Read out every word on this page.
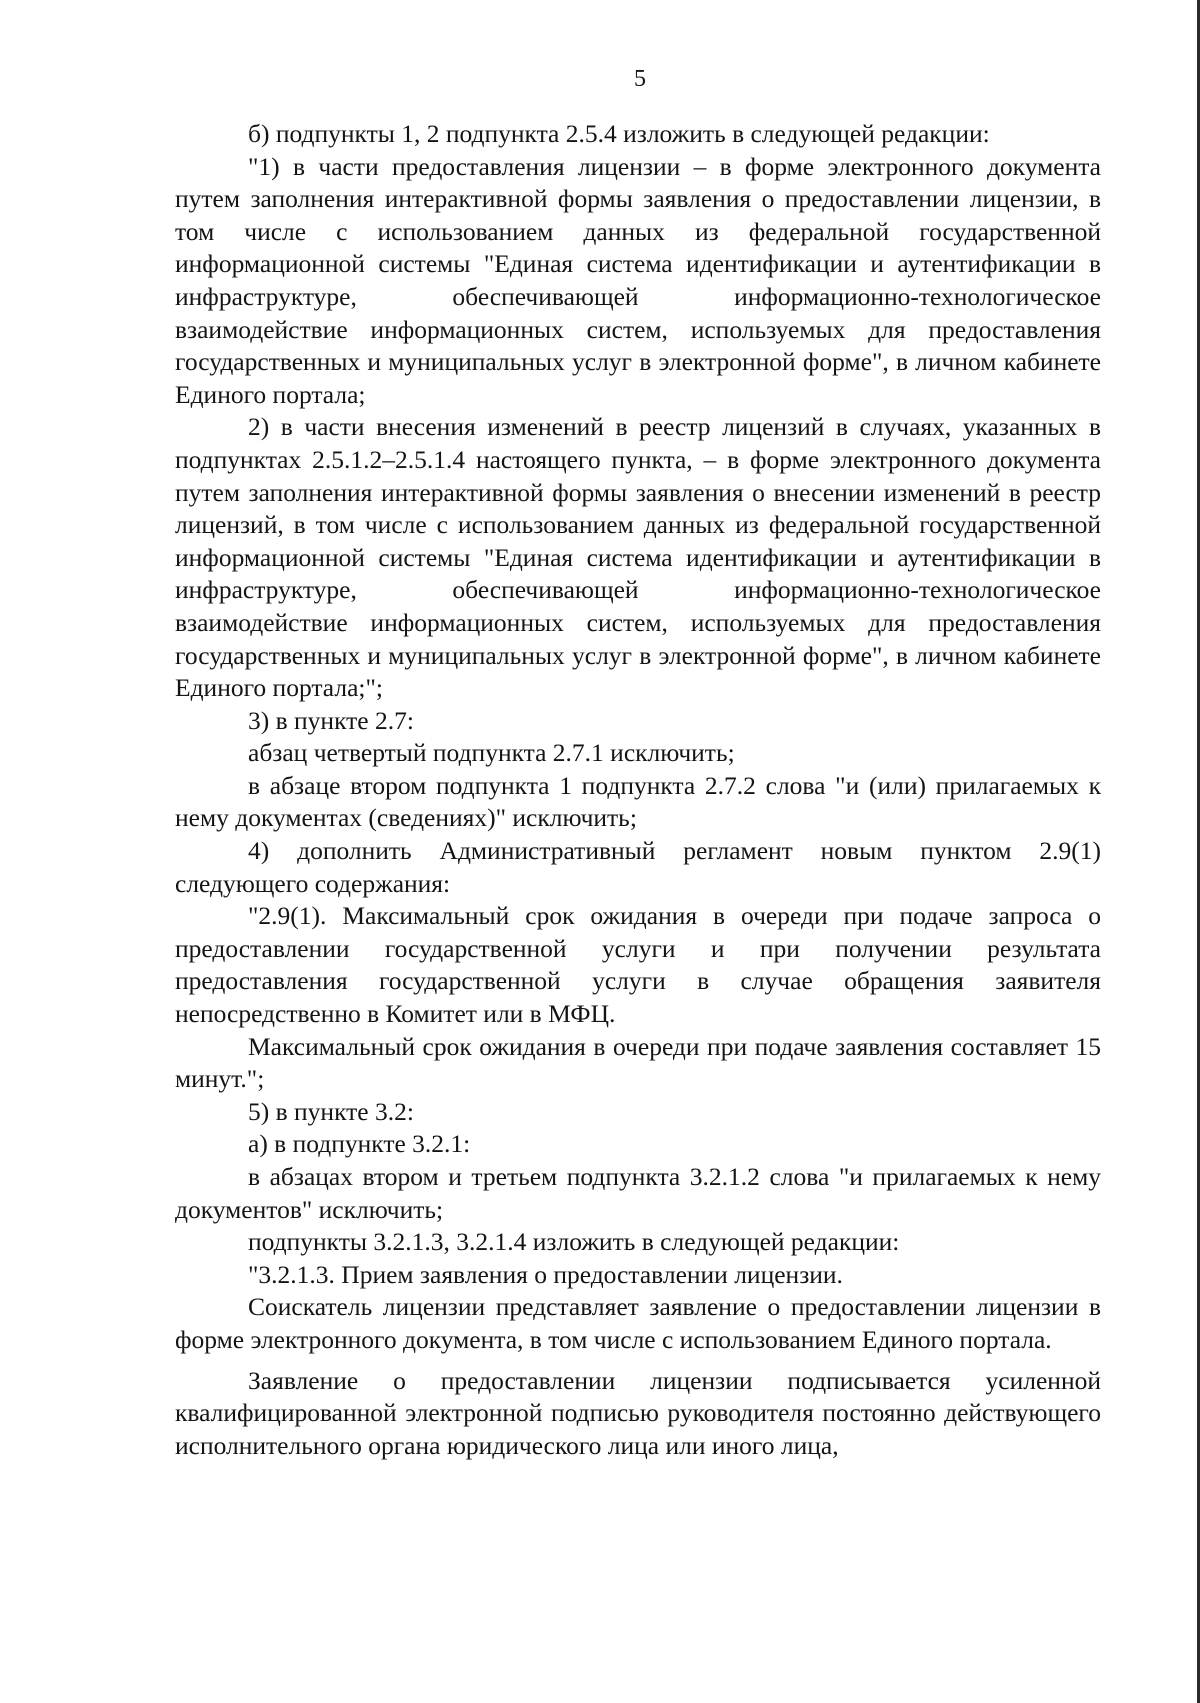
5

б) подпункты 1, 2 подпункта 2.5.4 изложить в следующей редакции:

"1) в части предоставления лицензии – в форме электронного документа путем заполнения интерактивной формы заявления о предоставлении лицензии, в том числе с использованием данных из федеральной государственной информационной системы "Единая система идентификации и аутентификации в инфраструктуре, обеспечивающей информационно-технологическое взаимодействие информационных систем, используемых для предоставления государственных и муниципальных услуг в электронной форме", в личном кабинете Единого портала;

2) в части внесения изменений в реестр лицензий в случаях, указанных в подпунктах 2.5.1.2–2.5.1.4 настоящего пункта, – в форме электронного документа путем заполнения интерактивной формы заявления о внесении изменений в реестр лицензий, в том числе с использованием данных из федеральной государственной информационной системы "Единая система идентификации и аутентификации в инфраструктуре, обеспечивающей информационно-технологическое взаимодействие информационных систем, используемых для предоставления государственных и муниципальных услуг в электронной форме", в личном кабинете Единого портала;";

3) в пункте 2.7:

абзац четвертый подпункта 2.7.1 исключить;

в абзаце втором подпункта 1 подпункта 2.7.2 слова "и (или) прилагаемых к нему документах (сведениях)" исключить;

4) дополнить Административный регламент новым пунктом 2.9(1) следующего содержания:

"2.9(1). Максимальный срок ожидания в очереди при подаче запроса о предоставлении государственной услуги и при получении результата предоставления государственной услуги в случае обращения заявителя непосредственно в Комитет или в МФЦ.

Максимальный срок ожидания в очереди при подаче заявления составляет 15 минут.";

5) в пункте 3.2:

а) в подпункте 3.2.1:

в абзацах втором и третьем подпункта 3.2.1.2 слова "и прилагаемых к нему документов" исключить;

подпункты 3.2.1.3, 3.2.1.4 изложить в следующей редакции:

"3.2.1.3. Прием заявления о предоставлении лицензии.

Соискатель лицензии представляет заявление о предоставлении лицензии в форме электронного документа, в том числе с использованием Единого портала.

Заявление о предоставлении лицензии подписывается усиленной квалифицированной электронной подписью руководителя постоянно действующего исполнительного органа юридического лица или иного лица,
